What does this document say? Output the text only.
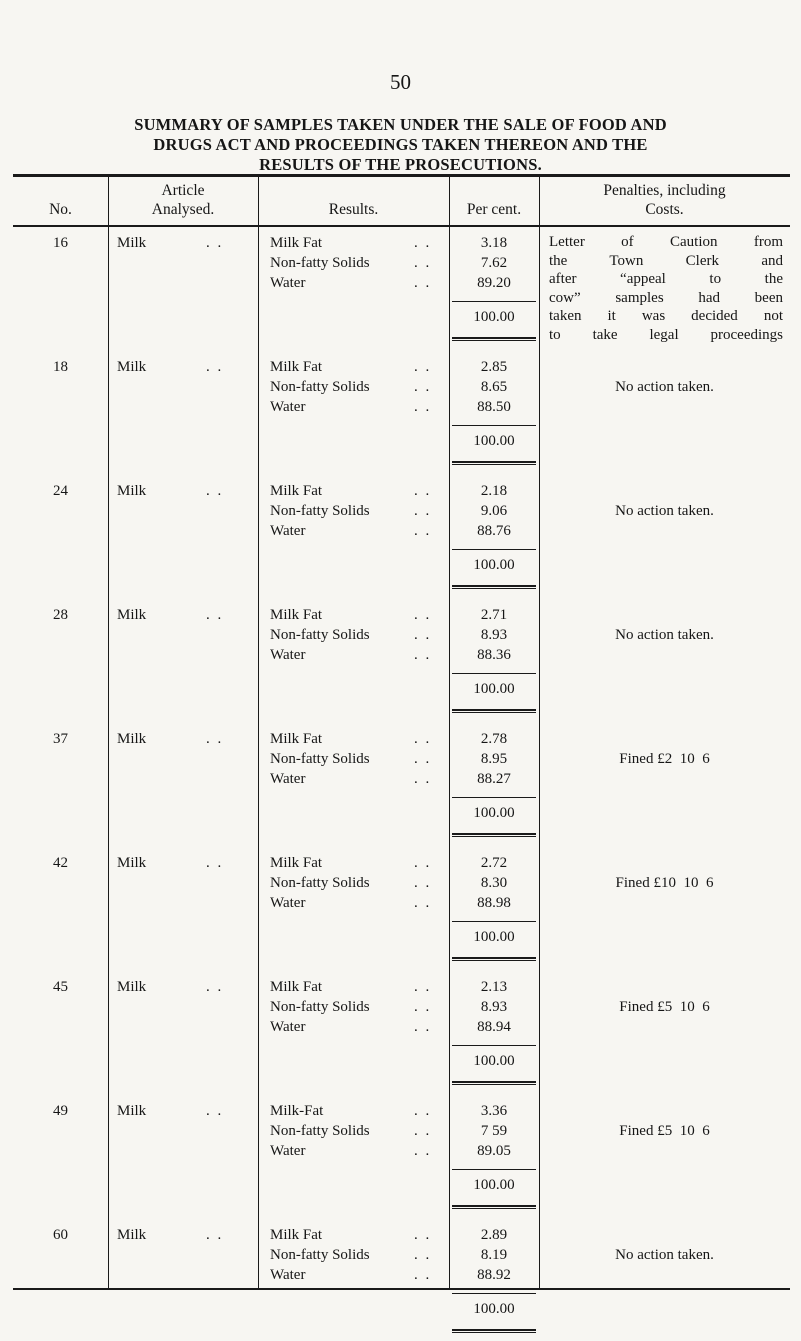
50
SUMMARY OF SAMPLES TAKEN UNDER THE SALE OF FOOD AND
DRUGS ACT AND PROCEEDINGS TAKEN THEREON AND THE
RESULTS OF THE PROSECUTIONS.
No.
Article
Analysed.	Results.	Per cent.
Penalties, including
Costs.
16	Milk	. .	Milk Fat	. .	3.18
Non-fatty Solids	. .	7.62
Water	. .	89.20
100.00
Letter of Caution from
the Town Clerk and
after “appeal to the
cow” samples had been
taken it was decided not
to take legal proceedings
18	Milk	. .	Milk Fat	. .	2.85
Non-fatty Solids	. .	8.65
Water	. .	88.50
100.00
No action taken.
24	Milk	. .	Milk Fat	. .	2.18
Non-fatty Solids	. .	9.06
Water	. .	88.76
100.00
No action taken.
28	Milk	. .	Milk Fat	. .	2.71
Non-fatty Solids	. .	8.93
Water	. .	88.36
100.00
No action taken.
37	Milk	. .	Milk Fat	. .	2.78
Non-fatty Solids	. .	8.95
Water	. .	88.27
100.00
Fined £2  10  6
42	Milk	. .	Milk Fat	. .	2.72
Non-fatty Solids	. .	8.30
Water	. .	88.98
100.00
Fined £10  10  6
45	Milk	. .	Milk Fat	. .	2.13
Non-fatty Solids	. .	8.93
Water	. .	88.94
100.00
Fined £5  10  6
49	Milk	. .	Milk-Fat	. .	3.36
Non-fatty Solids	. .	7 59
Water	. .	89.05
100.00
Fined £5  10  6
60	Milk	. .	Milk Fat	. .	2.89
Non-fatty Solids	. .	8.19
Water	. .	88.92
100.00
No action taken.
